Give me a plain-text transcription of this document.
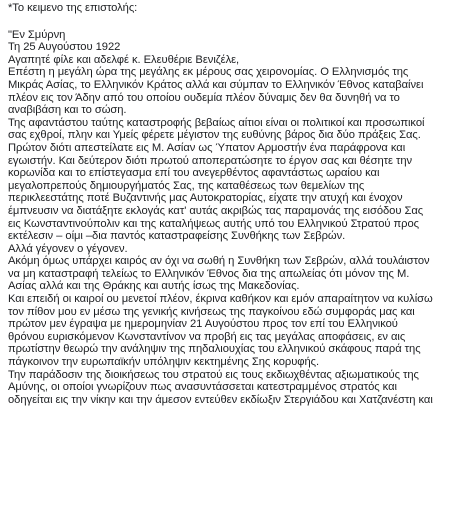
*Το κειμενο της επιστολής:
"Εν Σμύρνη
Τη 25 Αυγούστου 1922
Αγαπητέ φίλε και αδελφέ κ. Ελευθέριε Βενιζέλε,
Επέστη η μεγάλη ώρα της μεγάλης εκ μέρους σας χειρονομίας. Ο Ελληνισμός της
Μικράς Ασίας, το Ελληνικόν Κράτος αλλά και σύμπαν το Ελληνικόν Έθνος καταβαίνει
πλέον εις τον Άδην από του οποίου ουδεμία πλέον δύναμις δεν θα δυνηθή να το
αναβιβάση και το σώση.
Της αφαντάστου ταύτης καταστροφής βεβαίως αίτιοι είναι οι πολιτικοί και προσωπικοί
σας εχθροί, πλην και Υμείς φέρετε μέγιστον της ευθύνης βάρος δια δύο πράξεις Σας.
Πρώτον διότι απεστείλατε εις Μ. Ασίαν ως Ύπατον Αρμοστήν ένα παράφρονα και
εγωιστήν. Και δεύτερον διότι πρωτού αποπερατώσητε το έργον σας και θέσητε την
κορωνίδα και το επίστεγασμα επί του ανεγερθέντος αφαντάστως ωραίου και
μεγαλοπρεπούς δημιουργήματός Σας, της καταθέσεως των θεμελίων της
περικλεεστάτης ποτέ Βυζαντινής μας Αυτοκρατορίας, είχατε την ατυχή και ένοχον
έμπνευσιν να διατάξητε εκλογάς κατ' αυτάς ακριβώς τας παραμονάς της εισόδου Σας
εις Κωνσταντινούπολιν και της καταλήψεως αυτής υπό του Ελληνικού Στρατού προς
εκτέλεσιν – οίμι –δια παντός καταστραφείσης Συνθήκης των Σεβρών.
Αλλά γέγονεν ο γέγονεν.
Ακόμη όμως υπάρχει καιρός αν όχι να σωθή η Συνθήκη των Σεβρών, αλλά τουλάιστον
να μη καταστραφή τελείως το Ελληνικόν Έθνος δια της απωλείας ότι μόνον της Μ.
Ασίας αλλά και της Θράκης και αυτής ίσως της Μακεδονίας.
Και επειδή οι καιροί ου μενετοί πλέον, έκρινα καθήκον και εμόν απαραίτητον να κυλίσω
τον πίθον μου εν μέσω της γενικής κινήσεως της παγκοίνου εδώ συμφοράς μας και
πρώτον μεν έγραψα με ημερομηνίαν 21 Αυγούστου προς τον επί του Ελληνικού
θρόνου ευρισκόμενον Κωνσταντίνον να προβή εις τας μεγάλας αποφάσεις, εν αις
πρωτίστην θεωρώ την ανάληψιν της πηδαλιουχίας του ελληνικού σκάφους παρά της
πάγκοινον την ευρωπαϊκήν υπόληψιν κεκτημένης Σης κορυφής.
Την παράδοσιν της διοικήσεως του στρατού εις τους εκδιωχθέντας αξιωματικούς της
Αμύνης, οι οποίοι γνωρίζουν πως ανασυντάσσεται κατεστραμμένος στρατός και
οδηγείται εις την νίκην και την άμεσον εντεύθεν εκδίωξιν Στεργιάδου και Χατζανέστη και
